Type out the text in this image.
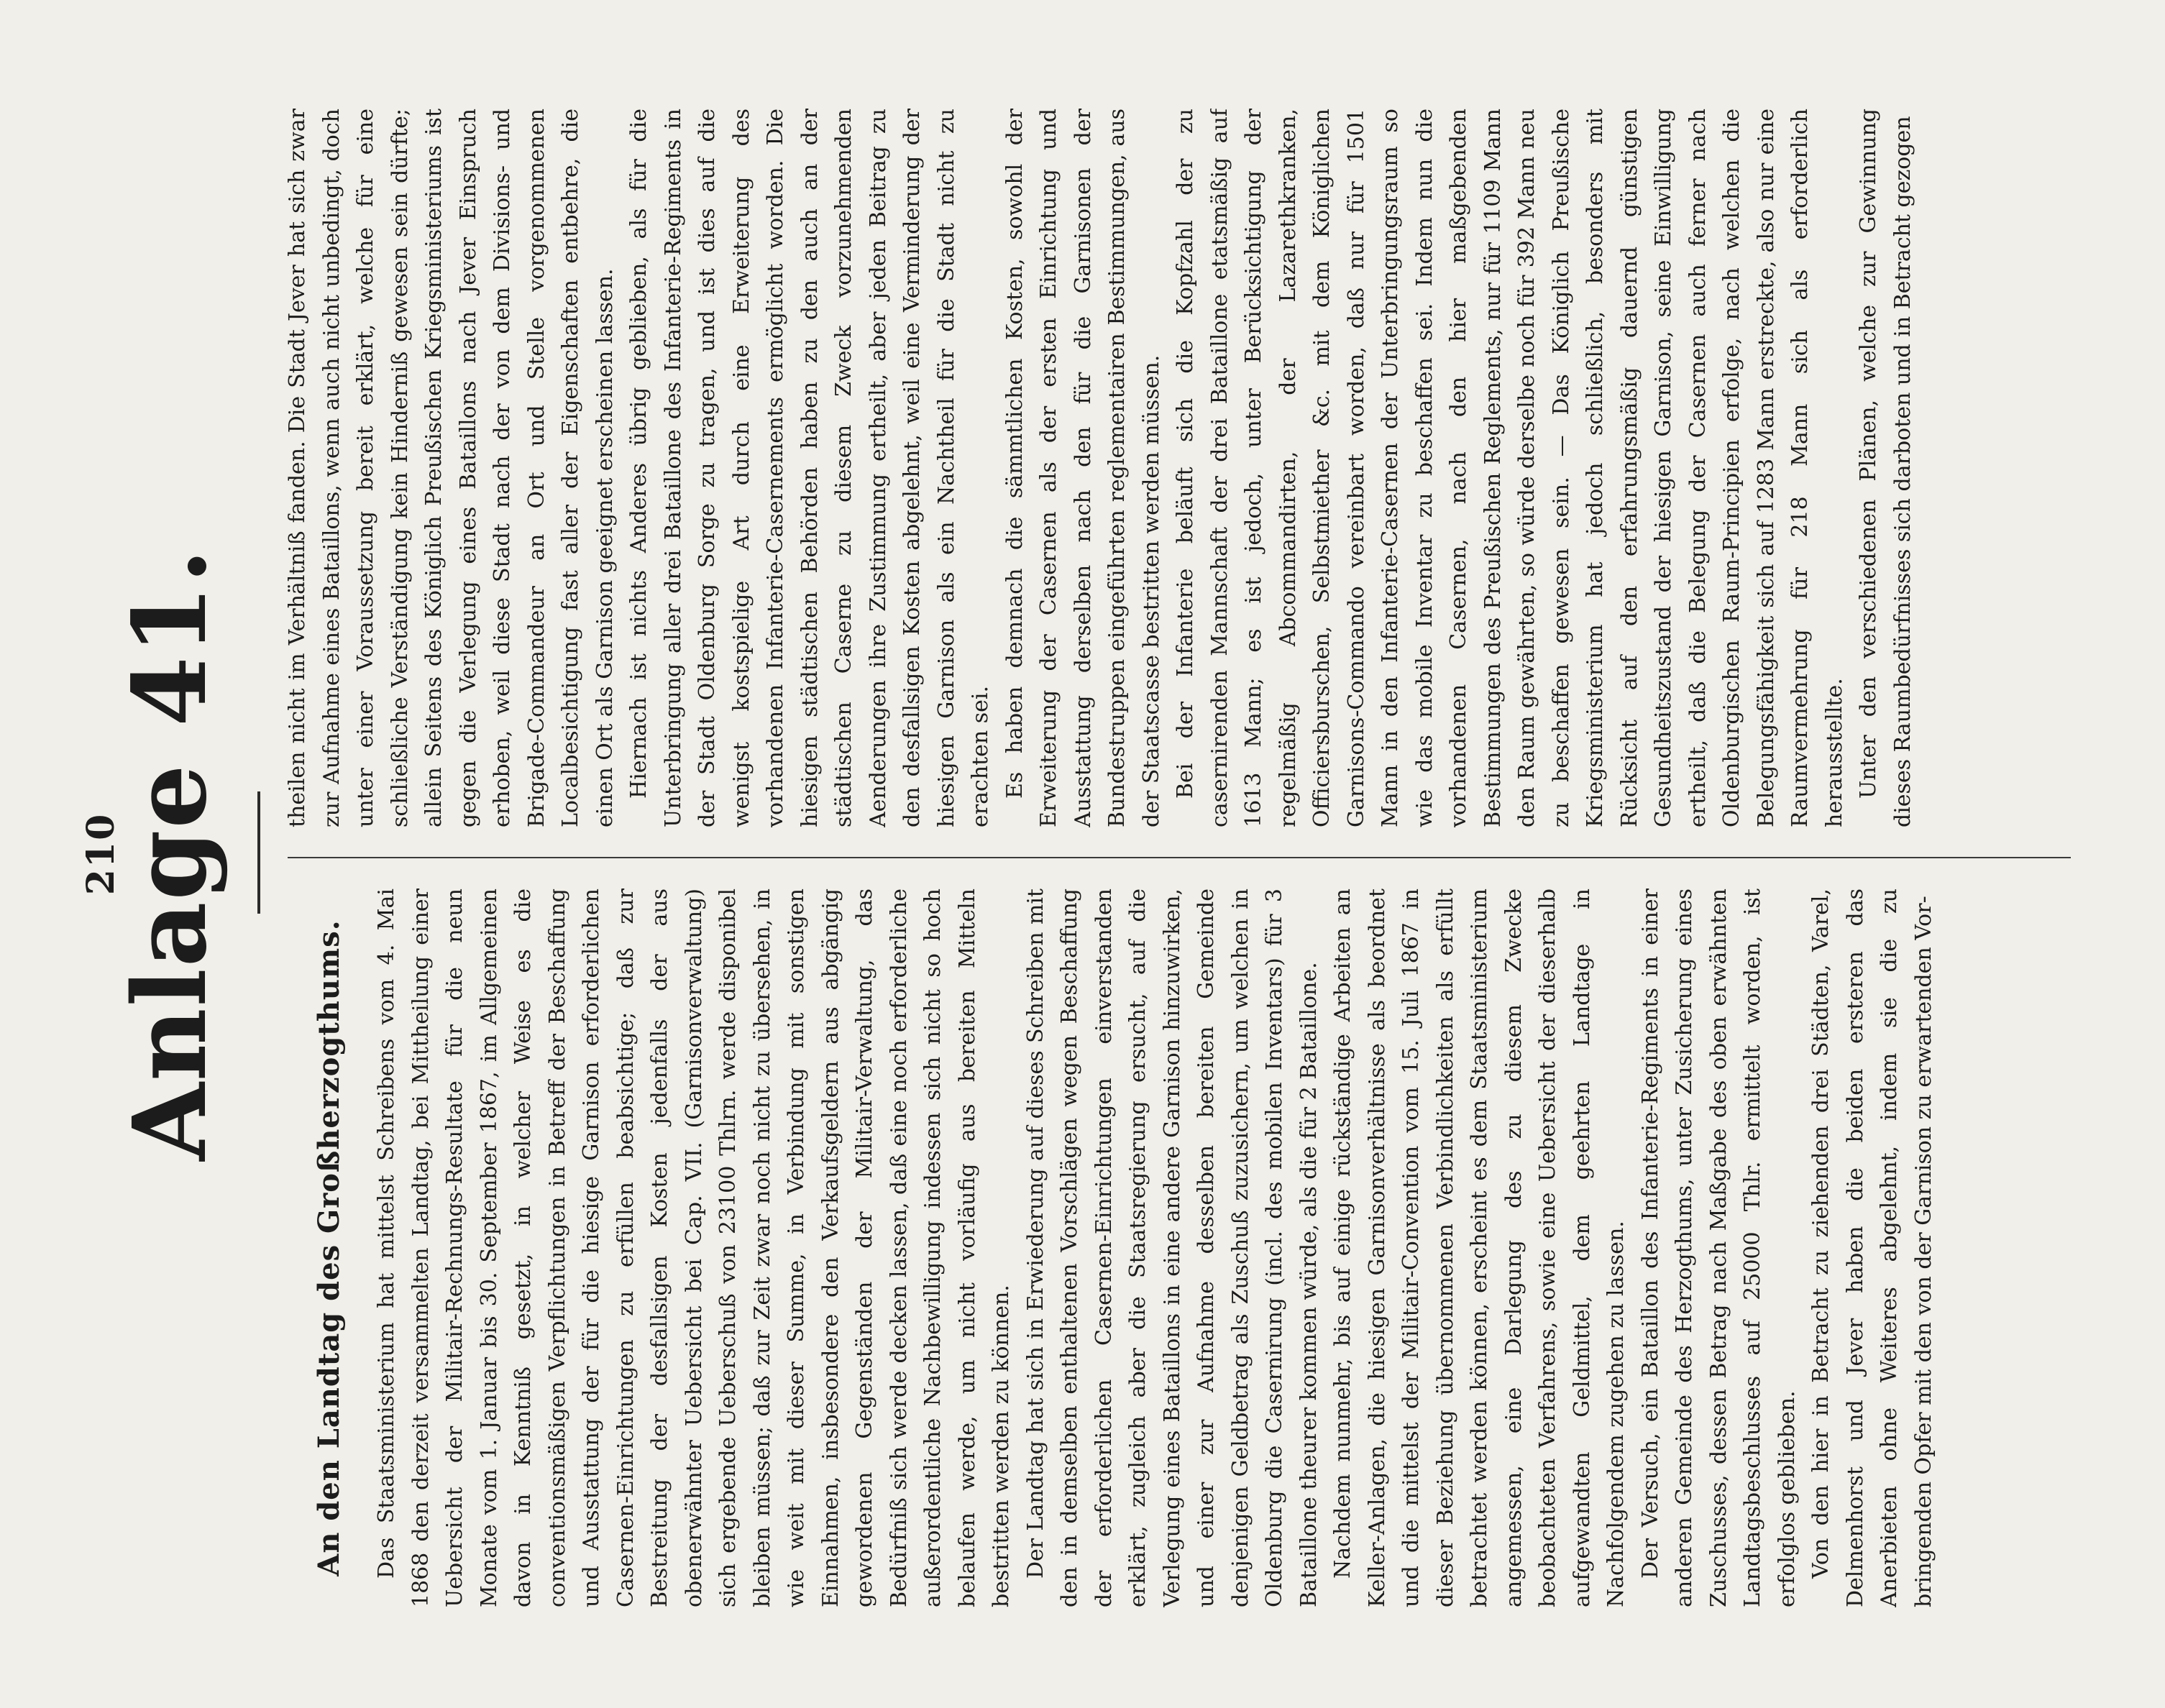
210
Anlage 41.
An den Landtag des Großherzogthums. Das Staatsministerium hat mittelst Schreibens vom 4. Mai 1868 den derzeit versammelten Landtag, bei Mittheilung einer Uebersicht der Militair-Rechnungs-Resultate für die neun Monate vom 1. Januar bis 30. September 1867, im Allgemeinen davon in Kenntniß gesetzt, in welcher Weise es die conventionsmäßigen Verpflichtungen in Betreff der Beschaffung und Ausstattung der für die hiesige Garnison erforderlichen Casernen-Einrichtungen zu erfüllen beabsichtige; daß zur Bestreitung der desfallsigen Kosten jedenfalls der aus obenerwähnter Uebersicht bei Cap. VII. (Garnisonverwaltung) sich ergebende Ueberschuß von 23100 Thlrn. werde disponibel bleiben müssen; daß zur Zeit zwar noch nicht zu übersehen, in wie weit mit dieser Summe, in Verbindung mit sonstigen Einnahmen, insbesondere den Verkaufsgeldern aus abgängig gewordenen Gegenständen der Militair-Verwaltung, das Bedürfniß sich werde decken lassen, daß eine noch erforderliche außerordentliche Nachbewilligung indessen sich nicht so hoch belaufen werde, um nicht vorläufig aus bereiten Mitteln bestritten werden zu können. Der Landtag hat sich in Erwiederung auf dieses Schreiben mit den in demselben enthaltenen Vorschlägen wegen Beschaffung der erforderlichen Casernen-Einrichtungen einverstanden erklärt, zugleich aber die Staatsregierung ersucht, auf die Verlegung eines Bataillons in eine andere Garnison hinzuwirken, und einer zur Aufnahme desselben bereiten Gemeinde denjenigen Geldbetrag als Zuschuß zuzusichern, um welchen in Oldenburg die Casernirung (incl. des mobilen Inventars) für 3 Bataillone theurer kommen würde, als die für 2 Bataillone. Nachdem nunmehr, bis auf einige rückständige Arbeiten an Keller-Anlagen, die hiesigen Garnisonverhältnisse als beordnet und die mittelst der Militair-Convention vom 15. Juli 1867 in dieser Beziehung übernommenen Verbindlichkeiten als erfüllt betrachtet werden können, erscheint es dem Staatsministerium angemessen, eine Darlegung des zu diesem Zwecke beobachteten Verfahrens, sowie eine Uebersicht der dieserhalb aufgewandten Geldmittel, dem geehrten Landtage in Nachfolgendem zugehen zu lassen. Der Versuch, ein Bataillon des Infanterie-Regiments in einer anderen Gemeinde des Herzogthums, unter Zusicherung eines Zuschusses, dessen Betrag nach Maßgabe des oben erwähnten Landtagsbeschlusses auf 25000 Thlr. ermittelt worden, ist erfolglos geblieben. Von den hier in Betracht zu ziehenden drei Städten, Varel, Delmenhorst und Jever haben die beiden ersteren das Anerbieten ohne Weiteres abgelehnt, indem sie die zu bringenden Opfer mit den von der Garnison zu erwartenden Vor-

theilen nicht im Verhältniß fanden. Die Stadt Jever hat sich zwar zur Aufnahme eines Bataillons, wenn auch nicht unbedingt, doch unter einer Voraussetzung bereit erklärt, welche für eine schließliche Verständigung kein Hinderniß gewesen sein dürfte; allein Seitens des Königlich Preußischen Kriegsministeriums ist gegen die Verlegung eines Bataillons nach Jever Einspruch erhoben, weil diese Stadt nach der von dem Divisions- und Brigade-Commandeur an Ort und Stelle vorgenommenen Localbesichtigung fast aller der Eigenschaften entbehre, die einen Ort als Garnison geeignet erscheinen lassen. Hiernach ist nichts Anderes übrig geblieben, als für die Unterbringung aller drei Bataillone des Infanterie-Regiments in der Stadt Oldenburg Sorge zu tragen, und ist dies auf die wenigst kostspielige Art durch eine Erweiterung des vorhandenen Infanterie-Casernements ermöglicht worden. Die hiesigen städtischen Behörden haben zu den auch an der städtischen Caserne zu diesem Zweck vorzunehmenden Aenderungen ihre Zustimmung ertheilt, aber jeden Beitrag zu den desfallsigen Kosten abgelehnt, weil eine Verminderung der hiesigen Garnison als ein Nachtheil für die Stadt nicht zu erachten sei. Es haben demnach die sämmtlichen Kosten, sowohl der Erweiterung der Casernen als der ersten Einrichtung und Ausstattung derselben nach den für die Garnisonen der Bundestruppen eingeführten reglementairen Bestimmungen, aus der Staatscasse bestritten werden müssen. Bei der Infanterie beläuft sich die Kopfzahl der zu casernirenden Mannschaft der drei Bataillone etatsmäßig auf 1613 Mann; es ist jedoch, unter Berücksichtigung der regelmäßig Abcommandirten, der Lazarethkranken, Officiersburschen, Selbstmiether &c. mit dem Königlichen Garnisons-Commando vereinbart worden, daß nur für 1501 Mann in den Infanterie-Casernen der Unterbringungsraum so wie das mobile Inventar zu beschaffen sei. Indem nun die vorhandenen Casernen, nach den hier maßgebenden Bestimmungen des Preußischen Reglements, nur für 1109 Mann den Raum gewährten, so würde derselbe noch für 392 Mann neu zu beschaffen gewesen sein. — Das Königlich Preußische Kriegsministerium hat jedoch schließlich, besonders mit Rücksicht auf den erfahrungsmäßig dauernd günstigen Gesundheitszustand der hiesigen Garnison, seine Einwilligung ertheilt, daß die Belegung der Casernen auch ferner nach Oldenburgischen Raum-Principien erfolge, nach welchen die Belegungsfähigkeit sich auf 1283 Mann erstreckte, also nur eine Raumvermehrung für 218 Mann sich als erforderlich herausstellte. Unter den verschiedenen Plänen, welche zur Gewinnung dieses Raumbedürfnisses sich darboten und in Betracht gezogen
